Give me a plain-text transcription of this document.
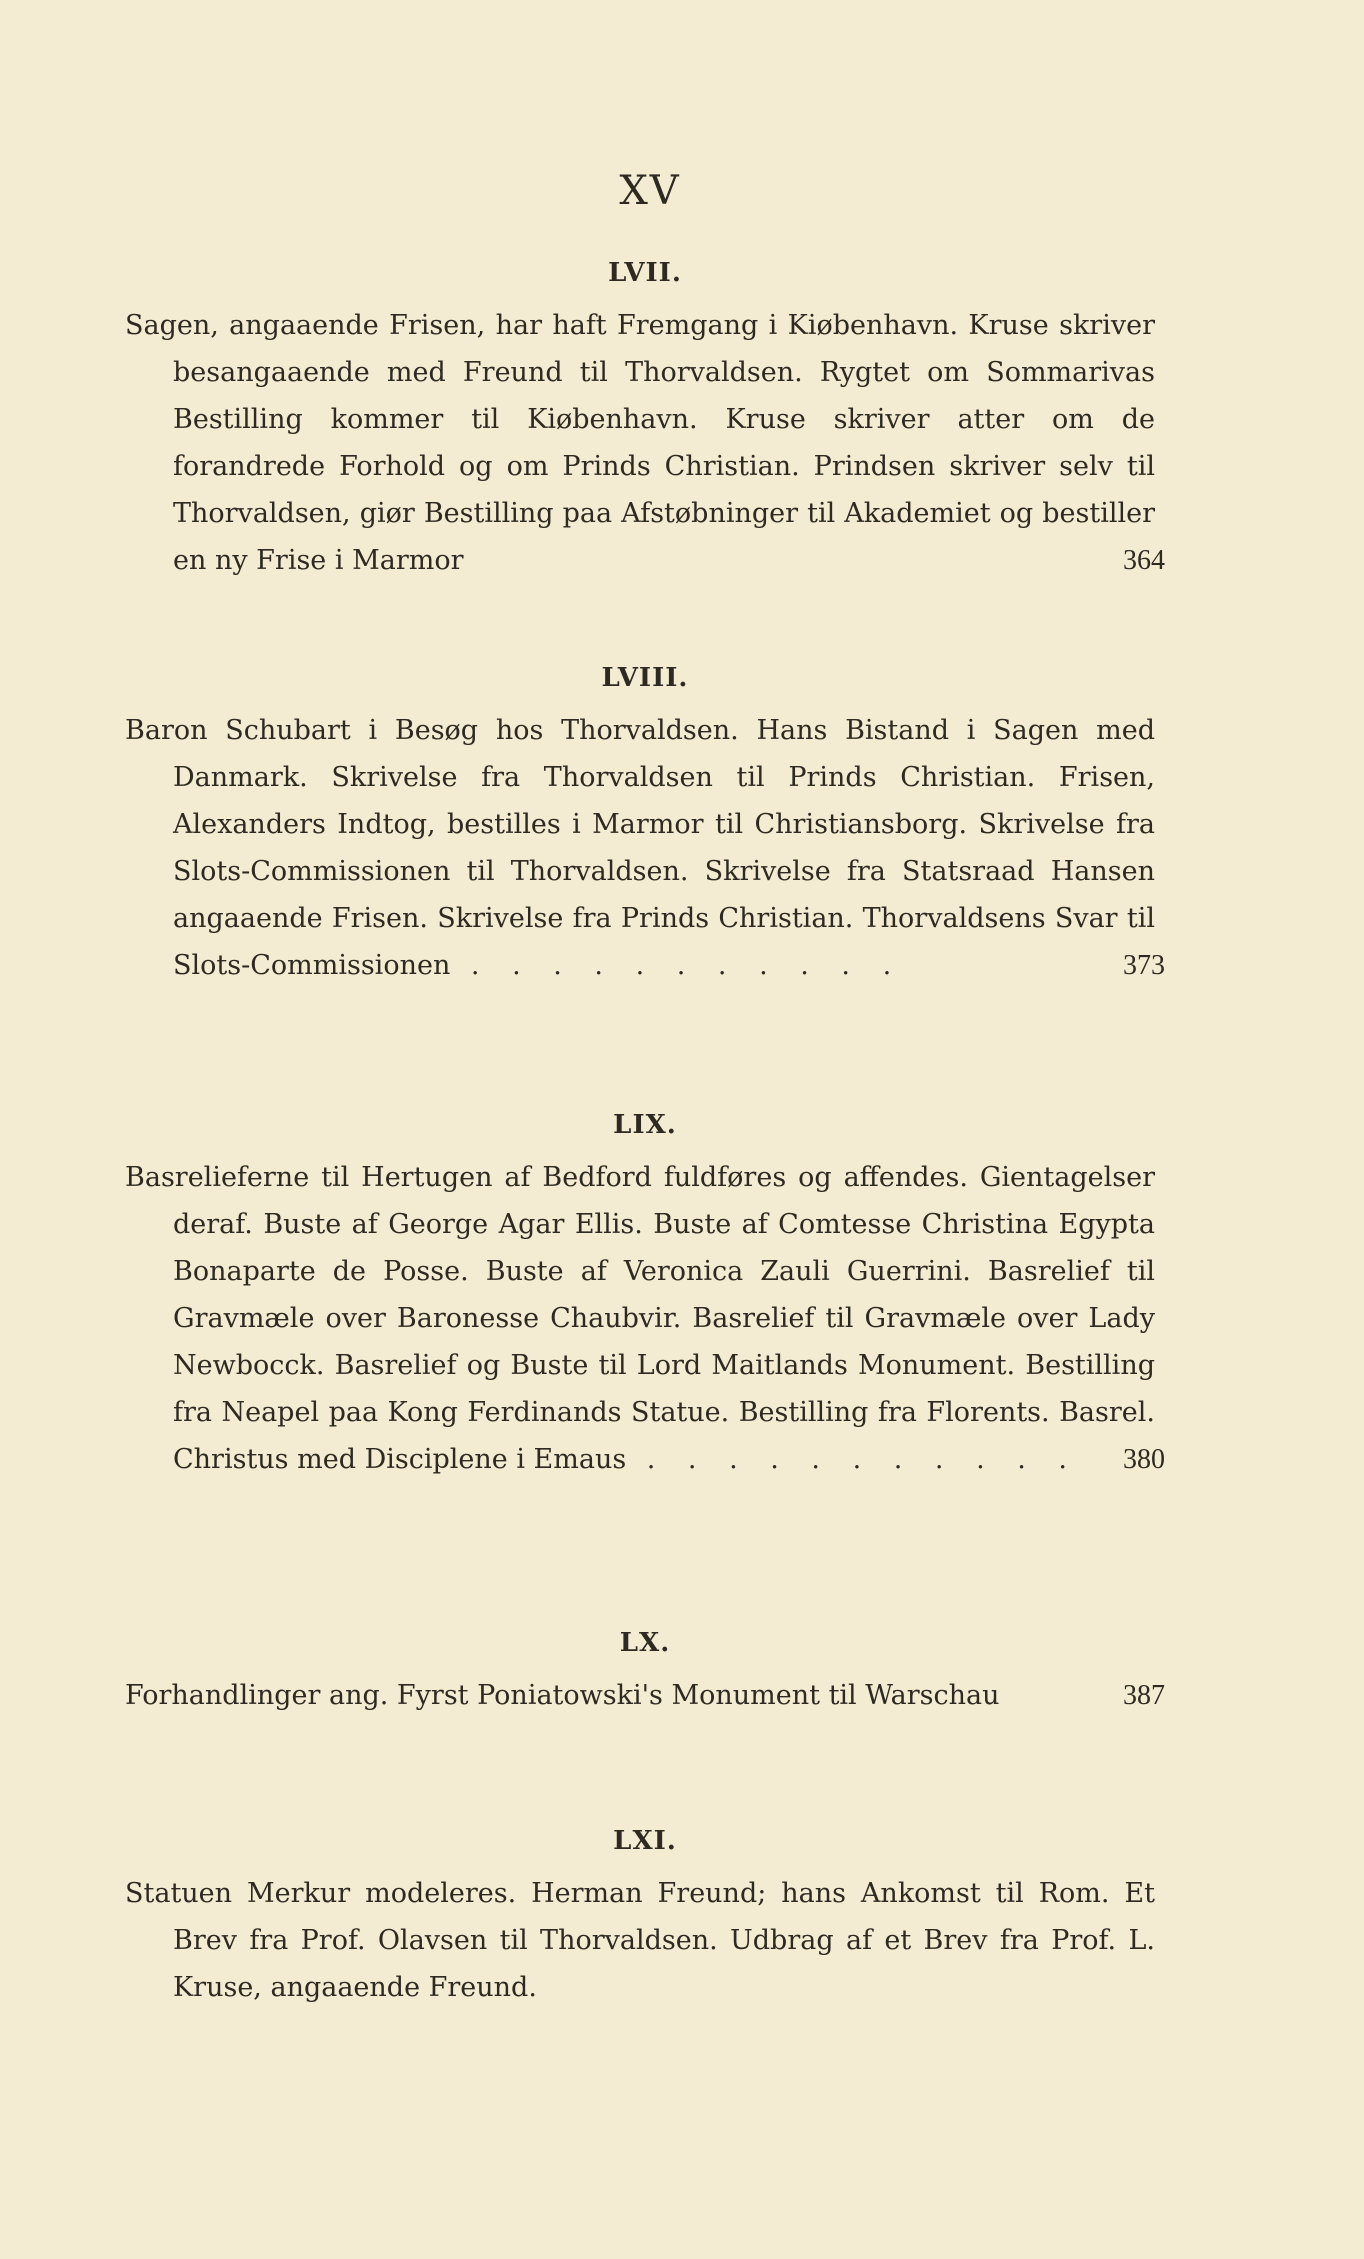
XV
LVII.
Sagen, angaaende Frisen, har haft Fremgang i Kiøbenhavn. Kruse skriver besangaaende med Freund til Thorvaldsen. Rygtet om Sommarivas Bestilling kommer til Kiøbenhavn. Kruse skriver atter om de forandrede Forhold og om Prinds Christian. Prindsen skriver selv til Thorvaldsen, giør Bestilling paa Afstøbninger til Akademiet og bestiller en ny Frise i Marmor	364
LVIII.
Baron Schubart i Besøg hos Thorvaldsen. Hans Bistand i Sagen med Danmark. Skrivelse fra Thorvaldsen til Prinds Christian. Frisen, Alexanders Indtog, bestilles i Marmor til Christiansborg. Skrivelse fra Slots-Commissionen til Thorvaldsen. Skrivelse fra Statsraad Hansen angaaende Frisen. Skrivelse fra Prinds Christian. Thorvaldsens Svar til Slots-Commissionen . . . . . . . . . . .	373
LIX.
Basrelieferne til Hertugen af Bedford fuldføres og affendes. Gientagelser deraf. Buste af George Agar Ellis. Buste af Comtesse Christina Egypta Bonaparte de Posse. Buste af Veronica Zauli Guerrini. Basrelief til Gravmæle over Baronesse Chaubvir. Basrelief til Gravmæle over Lady Newbocck. Basrelief og Buste til Lord Maitlands Monument. Bestilling fra Neapel paa Kong Ferdinands Statue. Bestilling fra Florents. Basrel. Christus med Disciplene i Emaus . . . . . . . . . . . 380
LX.
Forhandlinger ang. Fyrst Poniatowski's Monument til Warschau	387
LXI.
Statuen Merkur modeleres. Herman Freund; hans Ankomst til Rom. Et Brev fra Prof. Olavsen til Thorvaldsen. Udbrag af et Brev fra Prof. L. Kruse, angaaende Freund.
